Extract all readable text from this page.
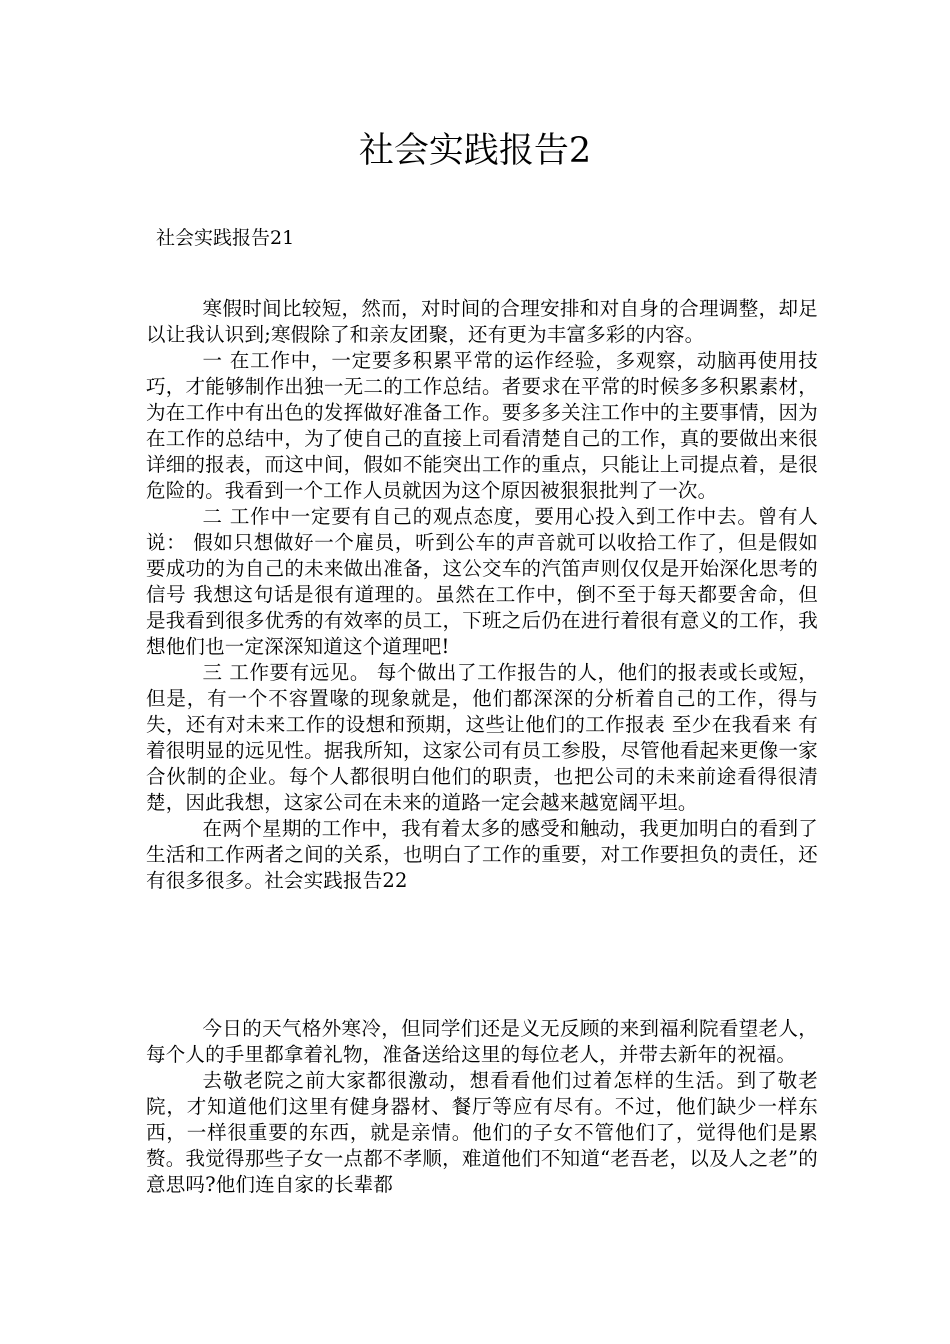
社会实践报告2
社会实践报告21

寒假时间比较短，然而，对时间的合理安排和对自身的合理调整，却足以让我认识到;寒假除了和亲友团聚，还有更为丰富多彩的内容。

一 在工作中，一定要多积累平常的运作经验，多观察，动脑再使用技巧，才能够制作出独一无二的工作总结。者要求在平常的时候多多积累素材，为在工作中有出色的发挥做好准备工作。要多多关注工作中的主要事情，因为在工作的总结中，为了使自己的直接上司看清楚自己的工作，真的要做出来很详细的报表，而这中间，假如不能突出工作的重点，只能让上司提点着，是很危险的。我看到一个工作人员就因为这个原因被狠狠批判了一次。

二 工作中一定要有自己的观点态度，要用心投入到工作中去。曾有人说： 假如只想做好一个雇员，听到公车的声音就可以收拾工作了，但是假如要成功的为自己的未来做出准备，这公交车的汽笛声则仅仅是开始深化思考的信号 我想这句话是很有道理的。虽然在工作中，倒不至于每天都要舍命，但是我看到很多优秀的有效率的员工，下班之后仍在进行着很有意义的工作，我想他们也一定深深知道这个道理吧!

三 工作要有远见。 每个做出了工作报告的人，他们的报表或长或短，但是，有一个不容置喙的现象就是，他们都深深的分析着自己的工作，得与失，还有对未来工作的设想和预期，这些让他们的工作报表 至少在我看来 有着很明显的远见性。据我所知，这家公司有员工参股，尽管他看起来更像一家合伙制的企业。每个人都很明白他们的职责，也把公司的未来前途看得很清楚，因此我想，这家公司在未来的道路一定会越来越宽阔平坦。

在两个星期的工作中，我有着太多的感受和触动，我更加明白的看到了生活和工作两者之间的关系，也明白了工作的重要，对工作要担负的责任，还有很多很多。社会实践报告22

今日的天气格外寒冷，但同学们还是义无反顾的来到福利院看望老人，每个人的手里都拿着礼物，准备送给这里的每位老人，并带去新年的祝福。

去敬老院之前大家都很激动，想看看他们过着怎样的生活。到了敬老院，才知道他们这里有健身器材、餐厅等应有尽有。不过，他们缺少一样东西，一样很重要的东西，就是亲情。他们的子女不管他们了，觉得他们是累赘。我觉得那些子女一点都不孝顺，难道他们不知道“老吾老，以及人之老”的意思吗?他们连自家的长辈都
